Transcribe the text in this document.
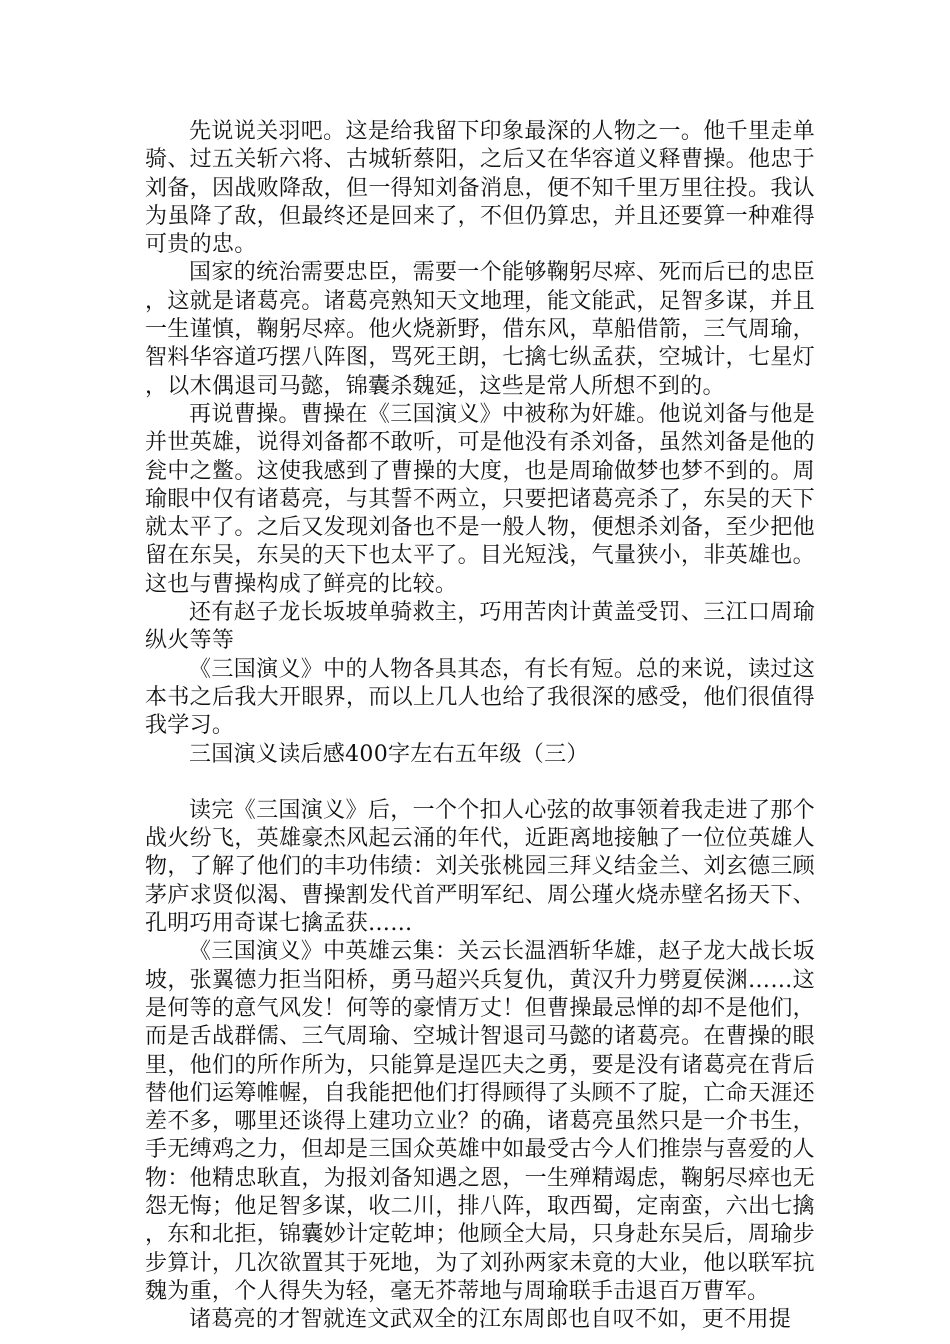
先说说关羽吧。这是给我留下印象最深的人物之一。他千里走单骑、过五关斩六将、古城斩蔡阳，之后又在华容道义释曹操。他忠于刘备，因战败降敌，但一得知刘备消息，便不知千里万里往投。我认为虽降了敌，但最终还是回来了，不但仍算忠，并且还要算一种难得可贵的忠。

国家的统治需要忠臣，需要一个能够鞠躬尽瘁、死而后已的忠臣，这就是诸葛亮。诸葛亮熟知天文地理，能文能武，足智多谋，并且一生谨慎，鞠躬尽瘁。他火烧新野，借东风，草船借箭，三气周瑜，智料华容道巧摆八阵图，骂死王朗，七擒七纵孟获，空城计，七星灯，以木偶退司马懿，锦囊杀魏延，这些是常人所想不到的。

再说曹操。曹操在《三国演义》中被称为奸雄。他说刘备与他是并世英雄，说得刘备都不敢听，可是他没有杀刘备，虽然刘备是他的瓮中之鳖。这使我感到了曹操的大度，也是周瑜做梦也梦不到的。周瑜眼中仅有诸葛亮，与其誓不两立，只要把诸葛亮杀了，东吴的天下就太平了。之后又发现刘备也不是一般人物，便想杀刘备，至少把他留在东吴，东吴的天下也太平了。目光短浅，气量狭小，非英雄也。这也与曹操构成了鲜亮的比较。

还有赵子龙长坂坡单骑救主，巧用苦肉计黄盖受罚、三江口周瑜纵火等等

《三国演义》中的人物各具其态，有长有短。总的来说，读过这本书之后我大开眼界，而以上几人也给了我很深的感受，他们很值得我学习。

三国演义读后感400字左右五年级（三）

读完《三国演义》后，一个个扣人心弦的故事领着我走进了那个战火纷飞，英雄豪杰风起云涌的年代，近距离地接触了一位位英雄人物，了解了他们的丰功伟绩：刘关张桃园三拜义结金兰、刘玄德三顾茅庐求贤似渴、曹操割发代首严明军纪、周公瑾火烧赤壁名扬天下、孔明巧用奇谋七擒孟获……

《三国演义》中英雄云集：关云长温酒斩华雄，赵子龙大战长坂坡，张翼德力拒当阳桥，勇马超兴兵复仇，黄汉升力劈夏侯渊……这是何等的意气风发！何等的豪情万丈！但曹操最忌惮的却不是他们，而是舌战群儒、三气周瑜、空城计智退司马懿的诸葛亮。在曹操的眼里，他们的所作所为，只能算是逞匹夫之勇，要是没有诸葛亮在背后替他们运筹帷幄，自我能把他们打得顾得了头顾不了腚，亡命天涯还差不多，哪里还谈得上建功立业？的确，诸葛亮虽然只是一介书生，手无缚鸡之力，但却是三国众英雄中如最受古今人们推崇与喜爱的人物：他精忠耿直，为报刘备知遇之恩，一生殚精竭虑，鞠躬尽瘁也无怨无悔；他足智多谋，收二川，排八阵，取西蜀，定南蛮，六出七擒，东和北拒，锦囊妙计定乾坤；他顾全大局，只身赴东吴后，周瑜步步算计，几次欲置其于死地，为了刘孙两家未竟的大业，他以联军抗魏为重，个人得失为轻，毫无芥蒂地与周瑜联手击退百万曹军。

诸葛亮的才智就连文武双全的江东周郎也自叹不如，更不用提
